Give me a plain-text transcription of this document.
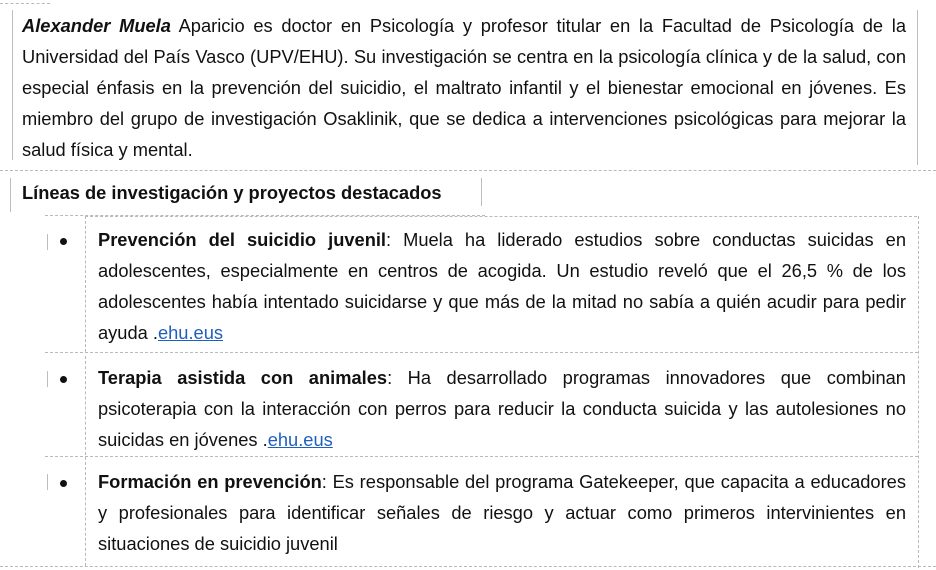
Alexander Muela Aparicio es doctor en Psicología y profesor titular en la Facultad de Psicología de la Universidad del País Vasco (UPV/EHU). Su investigación se centra en la psicología clínica y de la salud, con especial énfasis en la prevención del suicidio, el maltrato infantil y el bienestar emocional en jóvenes. Es miembro del grupo de investigación Osaklinik, que se dedica a intervenciones psicológicas para mejorar la salud física y mental.

Líneas de investigación y proyectos destacados

Prevención del suicidio juvenil: Muela ha liderado estudios sobre conductas suicidas en adolescentes, especialmente en centros de acogida. Un estudio reveló que el 26,5 % de los adolescentes había intentado suicidarse y que más de la mitad no sabía a quién acudir para pedir ayuda .ehu.eus

Terapia asistida con animales: Ha desarrollado programas innovadores que combinan psicoterapia con la interacción con perros para reducir la conducta suicida y las autolesiones no suicidas en jóvenes .ehu.eus

Formación en prevención: Es responsable del programa Gatekeeper, que capacita a educadores y profesionales para identificar señales de riesgo y actuar como primeros intervinientes en situaciones de suicidio juvenil
